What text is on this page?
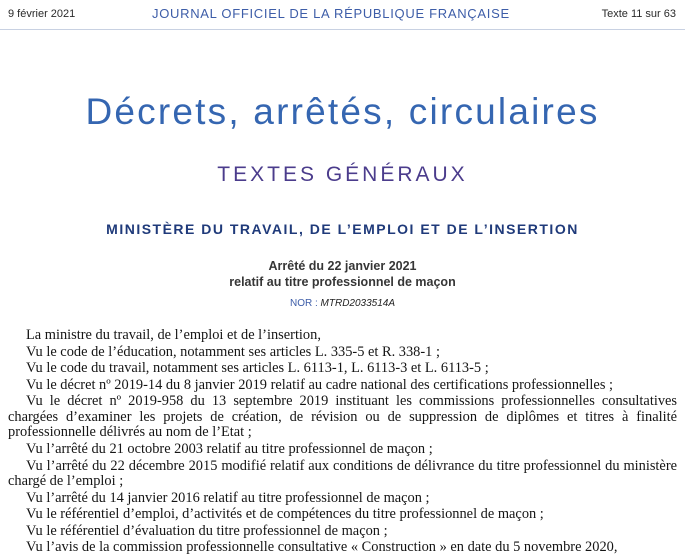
9 février 2021	JOURNAL OFFICIEL DE LA RÉPUBLIQUE FRANÇAISE	Texte 11 sur 63
Décrets, arrêtés, circulaires
TEXTES GÉNÉRAUX
MINISTÈRE DU TRAVAIL, DE L’EMPLOI ET DE L’INSERTION
Arrêté du 22 janvier 2021
relatif au titre professionnel de maçon
NOR : MTRD2033514A
La ministre du travail, de l’emploi et de l’insertion,
Vu le code de l’éducation, notamment ses articles L. 335-5 et R. 338-1 ;
Vu le code du travail, notamment ses articles L. 6113-1, L. 6113-3 et L. 6113-5 ;
Vu le décret nº 2019-14 du 8 janvier 2019 relatif au cadre national des certifications professionnelles ;
Vu le décret nº 2019-958 du 13 septembre 2019 instituant les commissions professionnelles consultatives
chargées d’examiner les projets de création, de révision ou de suppression de diplômes et titres à finalité
professionnelle délivrés au nom de l’Etat ;
Vu l’arrêté du 21 octobre 2003 relatif au titre professionnel de maçon ;
Vu l’arrêté du 22 décembre 2015 modifié relatif aux conditions de délivrance du titre professionnel du ministère
chargé de l’emploi ;
Vu l’arrêté du 14 janvier 2016 relatif au titre professionnel de maçon ;
Vu le référentiel d’emploi, d’activités et de compétences du titre professionnel de maçon ;
Vu le référentiel d’évaluation du titre professionnel de maçon ;
Vu l’avis de la commission professionnelle consultative « Construction » en date du 5 novembre 2020,
